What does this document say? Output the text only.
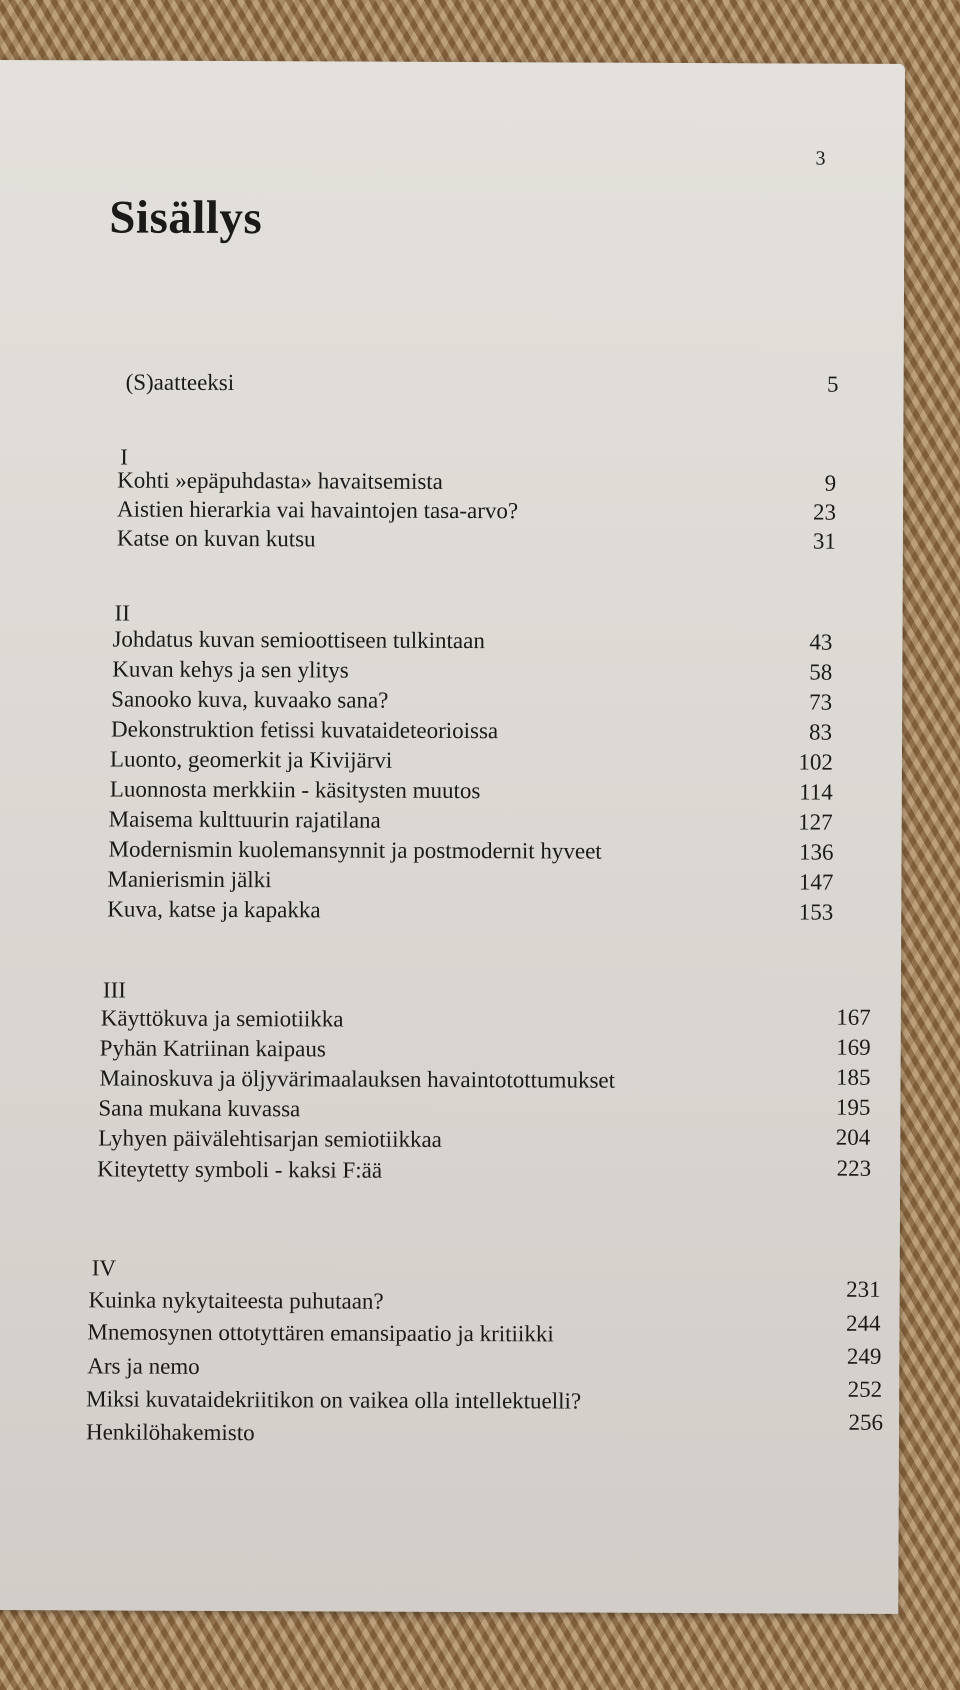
3
Sisällys
(S)aatteeksi	5
I
Kohti »epäpuhdasta» havaitsemista	9
Aistien hierarkia vai havaintojen tasa-arvo?	23
Katse on kuvan kutsu	31
II
Johdatus kuvan semioottiseen tulkintaan	43
Kuvan kehys ja sen ylitys	58
Sanooko kuva, kuvaako sana?	73
Dekonstruktion fetissi kuvataideteorioissa	83
Luonto, geomerkit ja Kivijärvi	102
Luonnosta merkkiin - käsitysten muutos	114
Maisema kulttuurin rajatilana	127
Modernismin kuolemansynnit ja postmodernit hyveet	136
Manierismin jälki	147
Kuva, katse ja kapakka	153
III
Käyttökuva ja semiotiikka	167
Pyhän Katriinan kaipaus	169
Mainoskuva ja öljyvärimaalauksen havaintotottumukset	185
Sana mukana kuvassa	195
Lyhyen päivälehtisarjan semiotiikkaa	204
Kiteytetty symboli - kaksi F:ää	223
IV
Kuinka nykytaiteesta puhutaan?	231
Mnemosynen ottotyttären emansipaatio ja kritiikki	244
Ars ja nemo	249
Miksi kuvataidekriitikon on vaikea olla intellektuelli?	252
Henkilöhakemisto	256
